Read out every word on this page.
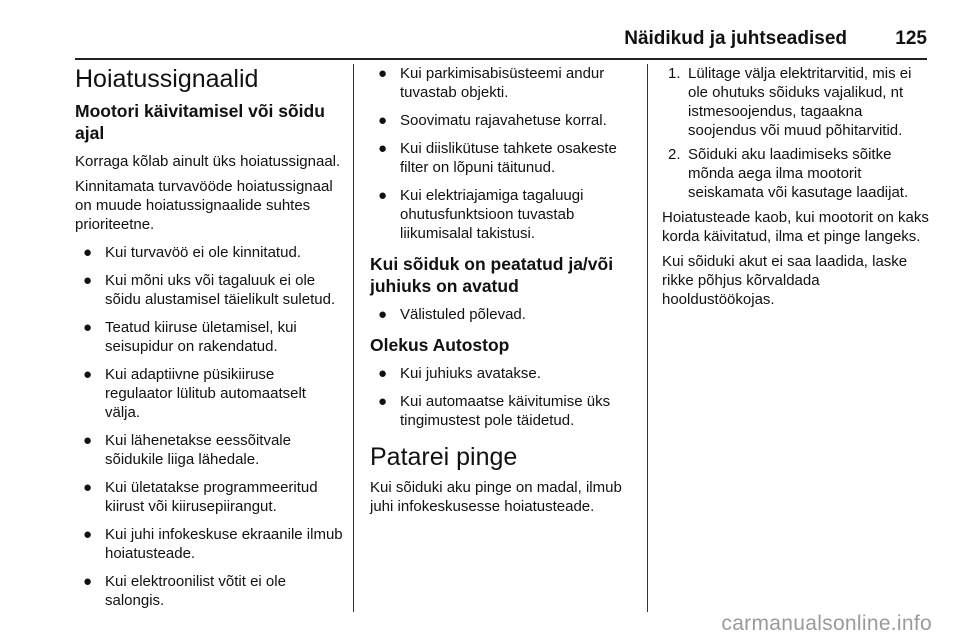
Näidikud ja juhtseadised	125
Hoiatussignaalid
Mootori käivitamisel või sõidu ajal

Korraga kõlab ainult üks hoiatussignaal.

Kinnitamata turvavööde hoiatussignaal on muude hoiatussignaalide suhtes prioriteetne.

● Kui turvavöö ei ole kinnitatud.
● Kui mõni uks või tagaluuk ei ole sõidu alustamisel täielikult suletud.
● Teatud kiiruse ületamisel, kui seisupidur on rakendatud.
● Kui adaptiivne püsikiiruse regulaator lülitub automaatselt välja.
● Kui lähenetakse eessõitvale sõidukile liiga lähedale.
● Kui ületatakse programmeeritud kiirust või kiirusepiirangut.
● Kui juhi infokeskuse ekraanile ilmub hoiatusteade.
● Kui elektroonilist võtit ei ole salongis.
● Kui parkimisabisüsteemi andur tuvastab objekti.
● Soovimatu rajavahetuse korral.
● Kui diislikütuse tahkete osakeste filter on lõpuni täitunud.
● Kui elektriajamiga tagaluugi ohutusfunktsioon tuvastab liikumisalal takistusi.
Kui sõiduk on peatatud ja/või juhiuks on avatud
● Välistuled põlevad.
Olekus Autostop
● Kui juhiuks avatakse.
● Kui automaatse käivitumise üks tingimustest pole täidetud.
Patarei pinge

Kui sõiduki aku pinge on madal, ilmub juhi infokeskusesse hoiatusteade.

1. Lülitage välja elektritarvitid, mis ei ole ohutuks sõiduks vajalikud, nt istmesoojendus, tagaakna soojendus või muud põhitarvitid.
2. Sõiduki aku laadimiseks sõitke mõnda aega ilma mootorit seiskamata või kasutage laadijat.

Hoiatusteade kaob, kui mootorit on kaks korda käivitatud, ilma et pinge langeks.

Kui sõiduki akut ei saa laadida, laske rikke põhjus kõrvaldada hooldustöökojas.

carmanualsonline.info
